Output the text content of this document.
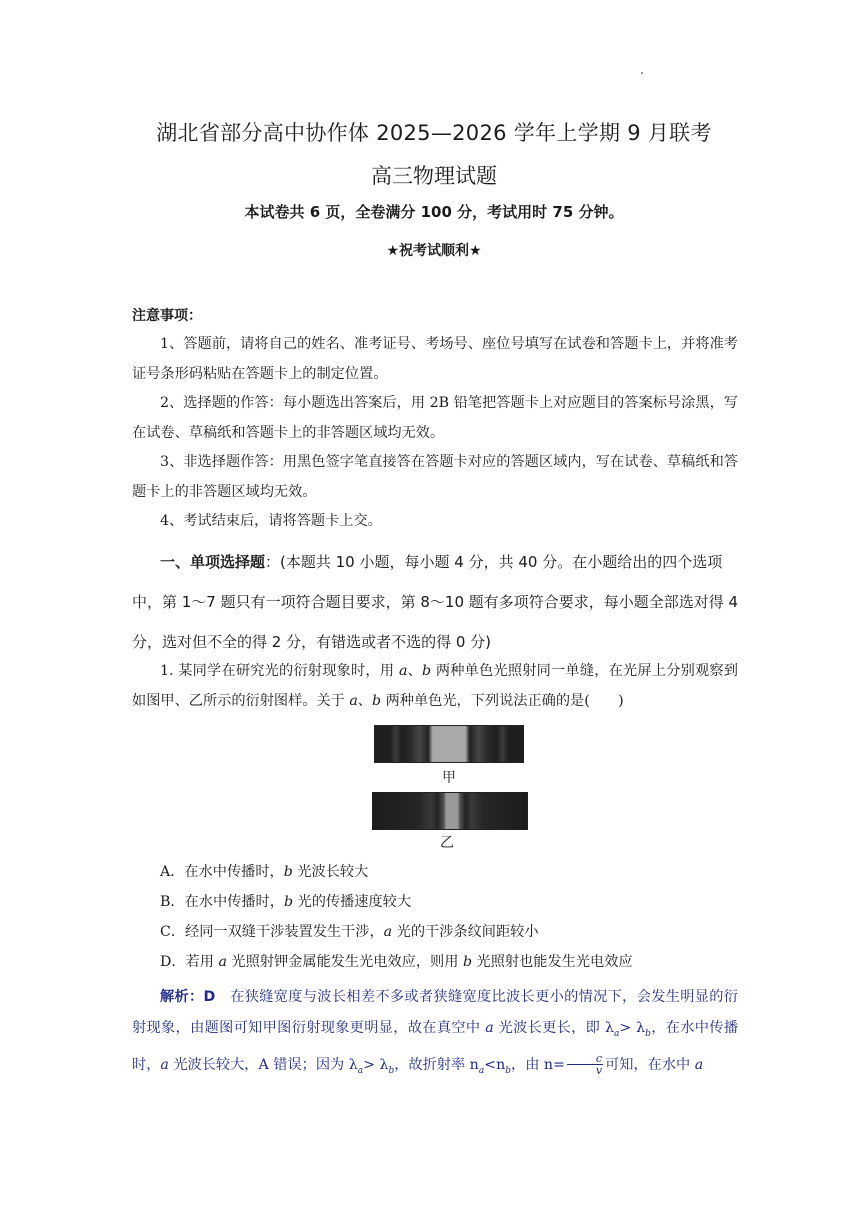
湖北省部分高中协作体 2025—2026 学年上学期 9 月联考
高三物理试题
本试卷共 6 页，全卷满分 100 分，考试用时 75 分钟。
★祝考试顺利★
注意事项：

1、答题前，请将自己的姓名、准考证号、考场号、座位号填写在试卷和答题卡上，并将准考证号条形码粘贴在答题卡上的制定位置。

2、选择题的作答：每小题选出答案后，用 2B 铅笔把答题卡上对应题目的答案标号涂黑，写在试卷、草稿纸和答题卡上的非答题区域均无效。

3、非选择题作答：用黑色签字笔直接答在答题卡对应的答题区域内，写在试卷、草稿纸和答题卡上的非答题区域均无效。

4、考试结束后，请将答题卡上交。

一、单项选择题：(本题共 10 小题，每小题 4 分，共 40 分。在小题给出的四个选项中，第 1～7 题只有一项符合题目要求，第 8～10 题有多项符合要求，每小题全部选对得 4 分，选对但不全的得 2 分，有错选或者不选的得 0 分)

1. 某同学在研究光的衍射现象时，用 a、b 两种单色光照射同一单缝，在光屏上分别观察到如图甲、乙所示的衍射图样。关于 a、b 两种单色光，下列说法正确的是(　　)

甲
乙
A．在水中传播时，b 光波长较大
B．在水中传播时，b 光的传播速度较大
C．经同一双缝干涉装置发生干涉，a 光的干涉条纹间距较小
D．若用 a 光照射钾金属能发生光电效应，则用 b 光照射也能发生光电效应

解析：D　在狭缝宽度与波长相差不多或者狭缝宽度比波长更小的情况下，会发生明显的衍射现象，由题图可知甲图衍射现象更明显，故在真空中 a 光波长更长，即 $\lambda_a> \lambda_b$，在水中传播时，a 光波长较大，A 错误；因为 $\lambda_a> \lambda_b$，故折射率 $n_a<n_b$，由 $n= \frac{c}{v}$ 可知，在水中 a
